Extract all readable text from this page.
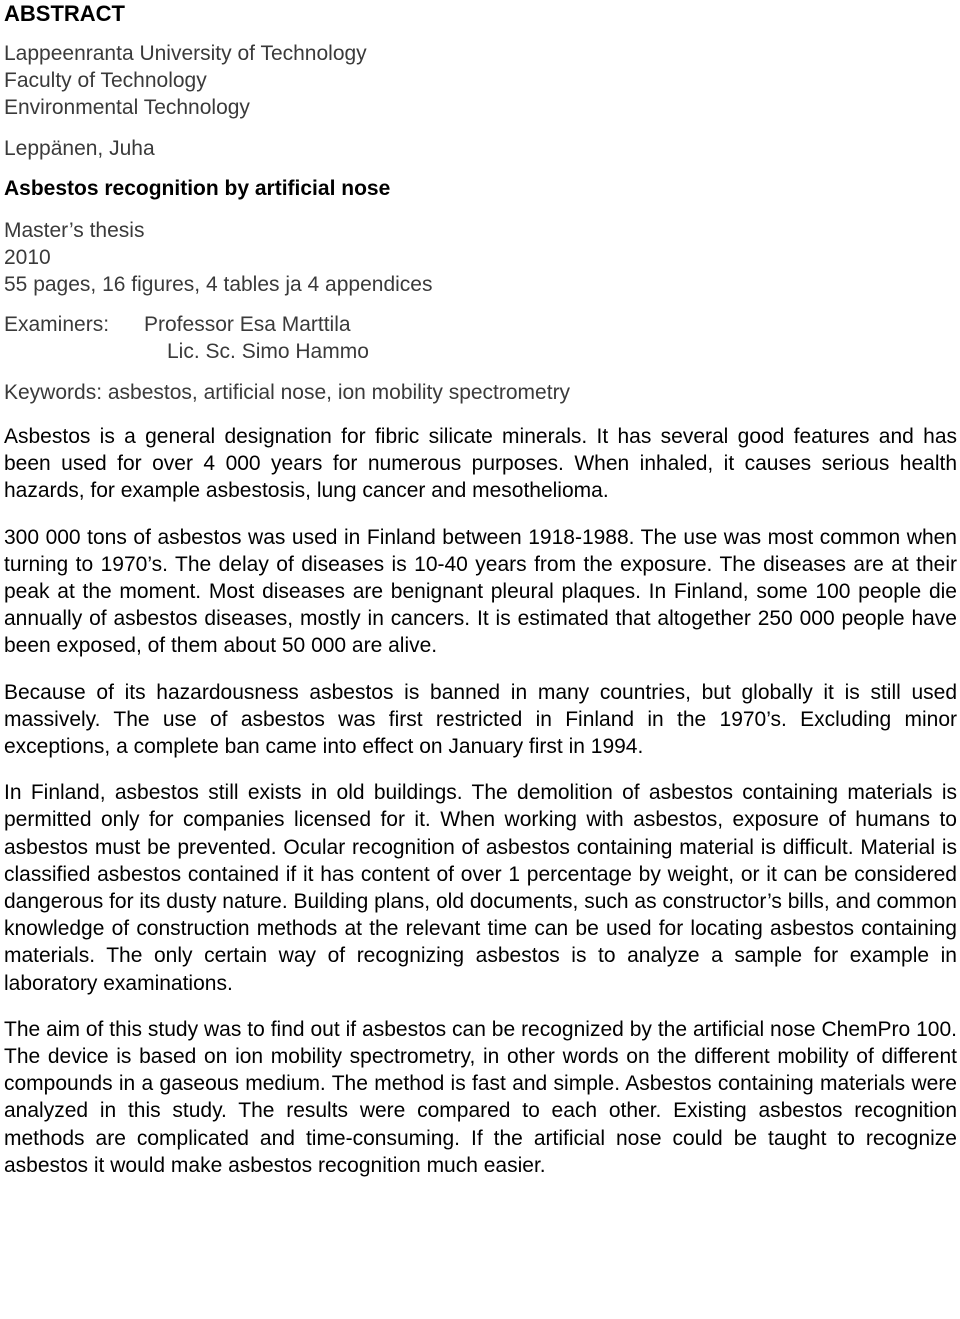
ABSTRACT

Lappeenranta University of Technology

Faculty of Technology

Environmental Technology

Leppänen, Juha

Asbestos recognition by artificial nose

Master’s thesis

2010

55 pages, 16 figures, 4 tables ja 4 appendices

Examiners:	Professor Esa Marttila
Lic. Sc. Simo Hammo

Keywords: asbestos, artificial nose, ion mobility spectrometry

Asbestos is a general designation for fibric silicate minerals. It has several good features and has been used for over 4 000 years for numerous purposes. When inhaled, it causes serious health hazards, for example asbestosis, lung cancer and mesothelioma.

300 000 tons of asbestos was used in Finland between 1918-1988. The use was most common when turning to 1970’s. The delay of diseases is 10-40 years from the exposure. The diseases are at their peak at the moment. Most diseases are benignant pleural plaques. In Finland, some 100 people die annually of asbestos diseases, mostly in cancers. It is estimated that altogether 250 000 people have been exposed, of them about 50 000 are alive.

Because of its hazardousness asbestos is banned in many countries, but globally it is still used massively. The use of asbestos was first restricted in Finland in the 1970’s. Excluding minor exceptions, a complete ban came into effect on January first in 1994.

In Finland, asbestos still exists in old buildings. The demolition of asbestos containing materials is permitted only for companies licensed for it. When working with asbestos, exposure of humans to asbestos must be prevented. Ocular recognition of asbestos containing material is difficult. Material is classified asbestos contained if it has content of over 1 percentage by weight, or it can be considered dangerous for its dusty nature. Building plans, old documents, such as constructor’s bills, and common knowledge of construction methods at the relevant time can be used for locating asbestos containing materials. The only certain way of recognizing asbestos is to analyze a sample for example in laboratory examinations.

The aim of this study was to find out if asbestos can be recognized by the artificial nose ChemPro 100. The device is based on ion mobility spectrometry, in other words on the different mobility of different compounds in a gaseous medium. The method is fast and simple. Asbestos containing materials were analyzed in this study. The results were compared to each other. Existing asbestos recognition methods are complicated and time-consuming. If the artificial nose could be taught to recognize asbestos it would make asbestos recognition much easier.
